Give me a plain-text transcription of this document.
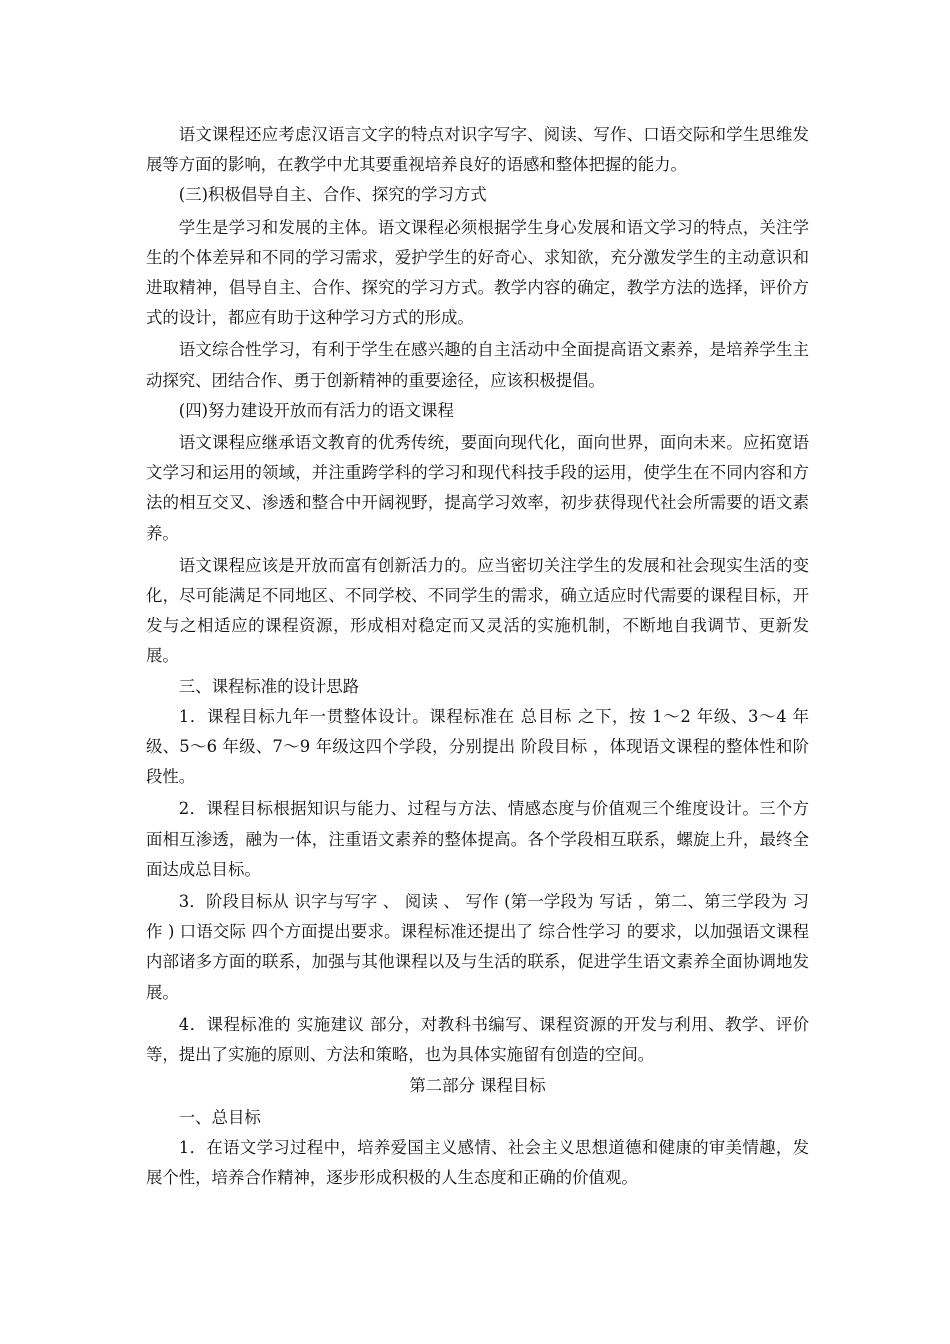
语文课程还应考虑汉语言文字的特点对识字写字、阅读、写作、口语交际和学生思维发展等方面的影响，在教学中尤其要重视培养良好的语感和整体把握的能力。

(三)积极倡导自主、合作、探究的学习方式

学生是学习和发展的主体。语文课程必须根据学生身心发展和语文学习的特点，关注学生的个体差异和不同的学习需求，爱护学生的好奇心、求知欲，充分激发学生的主动意识和进取精神，倡导自主、合作、探究的学习方式。教学内容的确定，教学方法的选择，评价方式的设计，都应有助于这种学习方式的形成。

语文综合性学习，有利于学生在感兴趣的自主活动中全面提高语文素养，是培养学生主动探究、团结合作、勇于创新精神的重要途径，应该积极提倡。

(四)努力建设开放而有活力的语文课程

语文课程应继承语文教育的优秀传统，要面向现代化，面向世界，面向未来。应拓宽语文学习和运用的领域，并注重跨学科的学习和现代科技手段的运用，使学生在不同内容和方法的相互交叉、渗透和整合中开阔视野，提高学习效率，初步获得现代社会所需要的语文素养。

语文课程应该是开放而富有创新活力的。应当密切关注学生的发展和社会现实生活的变化，尽可能满足不同地区、不同学校、不同学生的需求，确立适应时代需要的课程目标，开发与之相适应的课程资源，形成相对稳定而又灵活的实施机制，不断地自我调节、更新发展。

三、课程标准的设计思路

1．课程目标九年一贯整体设计。课程标准在 总目标 之下，按 1～2 年级、3～4 年级、5～6 年级、7～9 年级这四个学段，分别提出 阶段目标 ，体现语文课程的整体性和阶段性。

2．课程目标根据知识与能力、过程与方法、情感态度与价值观三个维度设计。三个方面相互渗透，融为一体，注重语文素养的整体提高。各个学段相互联系，螺旋上升，最终全面达成总目标。

3．阶段目标从 识字与写字 、 阅读 、 写作 (第一学段为 写话 ，第二、第三学段为 习作 ) 口语交际 四个方面提出要求。课程标准还提出了 综合性学习 的要求，以加强语文课程内部诸多方面的联系，加强与其他课程以及与生活的联系，促进学生语文素养全面协调地发展。

4．课程标准的 实施建议 部分，对教科书编写、课程资源的开发与利用、教学、评价等，提出了实施的原则、方法和策略，也为具体实施留有创造的空间。

第二部分 课程目标

一、总目标

1．在语文学习过程中，培养爱国主义感情、社会主义思想道德和健康的审美情趣，发展个性，培养合作精神，逐步形成积极的人生态度和正确的价值观。
